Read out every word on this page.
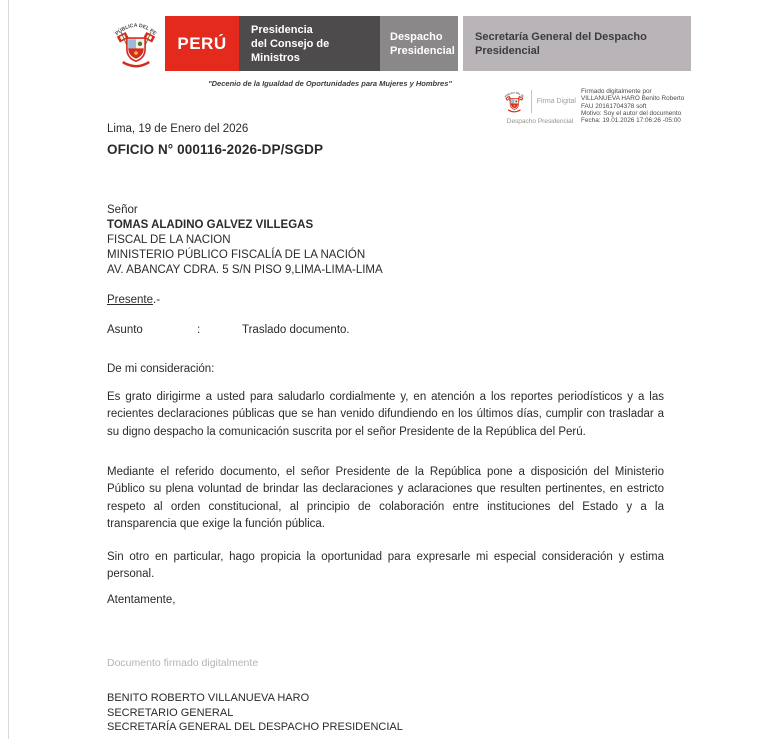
PERÚ
Presidencia
del Consejo de Ministros
Despacho
Presidencial
Secretaría General del Despacho Presidencial
"Decenio de la Igualdad de Oportunidades para Mujeres y Hombres"
Firma Digital
Despacho Presidencial
Firmado digitalmente por
VILLANUEVA HARO Benito Roberto
FAU 20161704378 soft
Motivo: Soy el autor del documento
Fecha: 19.01.2026 17:06:26 -05:00
Lima, 19 de Enero del 2026
OFICIO N° 000116-2026-DP/SGDP
Señor
TOMAS ALADINO GALVEZ VILLEGAS
FISCAL DE LA NACION
MINISTERIO PÚBLICO FISCALÍA DE LA NACIÓN
AV. ABANCAY CDRA. 5 S/N PISO 9,LIMA-LIMA-LIMA
Presente.-
Asunto	:	Traslado documento.
De mi consideración:
Es grato dirigirme a usted para saludarlo cordialmente y, en atención a los reportes periodísticos y a las recientes declaraciones públicas que se han venido difundiendo en los últimos días, cumplir con trasladar a su digno despacho la comunicación suscrita por el señor Presidente de la República del Perú.
Mediante el referido documento, el señor Presidente de la República pone a disposición del Ministerio Público su plena voluntad de brindar las declaraciones y aclaraciones que resulten pertinentes, en estricto respeto al orden constitucional, al principio de colaboración entre instituciones del Estado y a la transparencia que exige la función pública.
Sin otro en particular, hago propicia la oportunidad para expresarle mi especial consideración y estima personal.
Atentamente,
Documento firmado digitalmente
BENITO ROBERTO VILLANUEVA HARO
SECRETARIO GENERAL
SECRETARÍA GENERAL DEL DESPACHO PRESIDENCIAL
